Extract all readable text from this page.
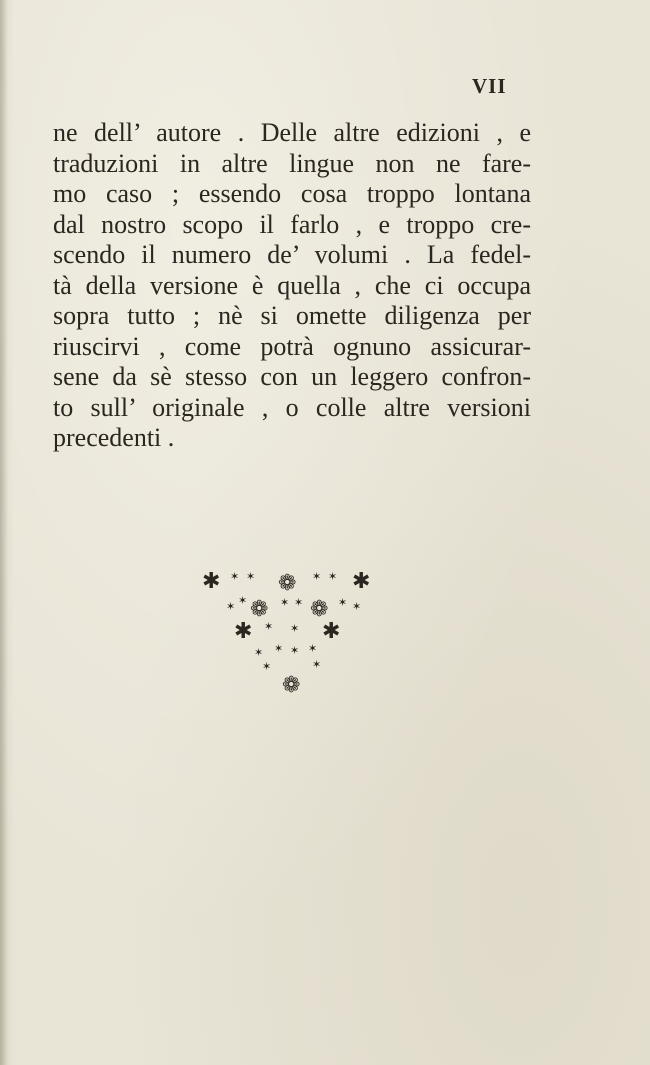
VII
ne dell’ autore . Delle altre edizioni , e
traduzioni in altre lingue non ne fare-
mo caso ; essendo cosa troppo lontana
dal nostro scopo il farlo , e troppo cre-
scendo il numero de’ volumi . La fedel-
tà della versione è quella , che ci occupa
sopra tutto ; nè si omette diligenza per
riuscirvi , come potrà ognuno assicurar-
sene da sè stesso con un leggero confron-
to sull’ originale , o colle altre versioni
precedenti .
✱ ✶ ✶ ❁ ✶ ✶ ✱
✶ ✶ ❁ ✶ ✶ ❁ ✶ ✶
✱ ✶ ✶ ✱
✶ ✶ ✶ ✶
✶	✶
❁
